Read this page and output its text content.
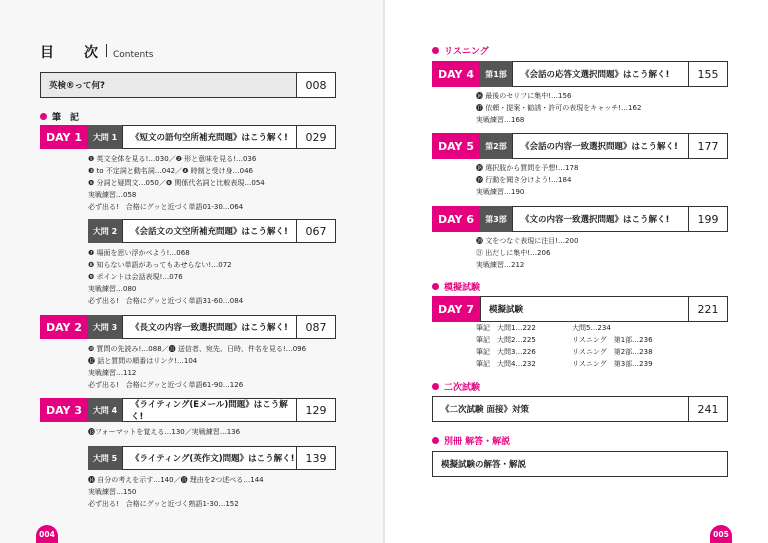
目　次 Contents
英検®って何?	008
筆　記
DAY 1	大問 1	《短文の語句空所補充問題》はこう解く!	029
❶ 英文全体を見る!…030／❷ 形と意味を見る!…036
❸ to 不定詞と動名詞…042／❹ 時制と受け身…046
❺ 分詞と疑問文…050／❻ 関係代名詞と比較表現…054
実戦練習…058
必ず出る!　合格にグッと近づく単語01-30…064
大問 2	《会話文の文空所補充問題》はこう解く!	067
❼ 場面を思い浮かべよう!…068
❽ 知らない単語があってもあせらない!…072
❾ ポイントは会話表現!…076
実戦練習…080
必ず出る!　合格にグッと近づく単語31-60…084
DAY 2	大問 3	《長文の内容一致選択問題》はこう解く!	087
❿ 質問の先読み!…088／⓫ 送信者、宛先、日時、件名を見る!…096
⓬ 話と質問の順番はリンク!…104
実戦練習…112
必ず出る!　合格にグッと近づく単語61-90…126
DAY 3	大問 4	《ライティング(Eメール)問題》はこう解く!
129
⓭フォーマットを覚える…130／実戦練習…136
大問 5	《ライティング(英作文)問題》はこう解く! 139
⓮ 自分の考えを示す…140／⓯ 理由を2つ述べる…144
実戦練習…150
必ず出る!　合格にグッと近づく熟語1-30…152
004
リスニング
DAY 4	第1部	《会話の応答文選択問題》はこう解く!	155
⓰ 最後のセリフに集中!…156
⓱ 依頼・提案・勧誘・許可の表現をキャッチ!…162
実戦練習…168
DAY 5	第2部	《会話の内容一致選択問題》はこう解く!	177
⓲ 選択肢から質問を予想!…178
⓳ 行動を聞き分けよう!…184
実戦練習…190
DAY 6	第3部	《文の内容一致選択問題》はこう解く!	199
⓴ 文をつなぐ表現に注目!…200
㉑ 出だしに集中!…206
実戦練習…212
模擬試験
DAY 7	模擬試験	221
筆記　大問1…222	大問5…234
筆記　大問2…225	リスニング　第1部…236
筆記　大問3…226	リスニング　第2部…238
筆記　大問4…232	リスニング　第3部…239
二次試験
《二次試験 面接》対策	241
別冊 解答・解説
模擬試験の解答・解説
005
